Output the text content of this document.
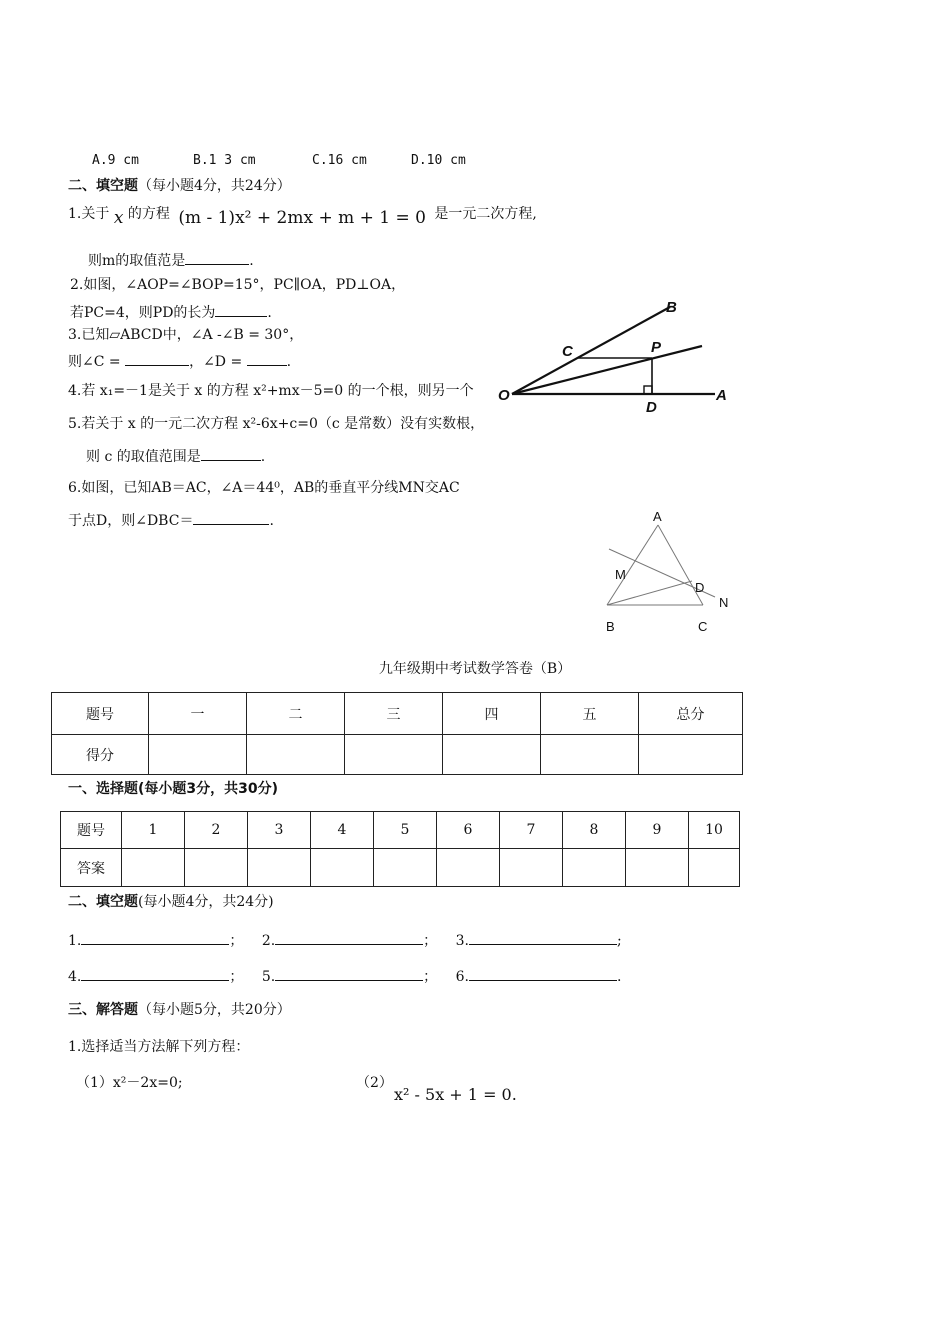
A.9 cm	B.1 3 cm	C.16 cm	D.10 cm
二、填空题（每小题4分，共24分）
1.关于 x 的方程 (m - 1)x² + 2mx + m + 1 = 0 是一元二次方程,
则m的取值范是	.
2.如图，∠AOP=∠BOP=15°，PC∥OA，PD⊥OA，
若PC=4，则PD的长为	.
3.已知▱ABCD中，∠A -∠B = 30°，
则∠C =	，∠D =	.
4.若 x₁=－1是关于 x 的方程 x²+mx－5=0 的一个根，则另一个
5.若关于 x 的一元二次方程 x²-6x+c=0（c 是常数）没有实数根，
则 c 的取值范围是	.
6.如图，已知AB＝AC，∠A＝44⁰，AB的垂直平分线MN交AC
于点D，则∠DBC＝	.
B
C	P
O
D
A
A
M
D
N
B	C
九年级期中考试数学答卷（B）
题号	一	二	三	四	五	总分
得分						
一、选择题(每小题3分，共30分)
题号	1	2	3	4	5	6	7	8	9	10
答案										
二、填空题(每小题4分，共24分)
1.	； 2.	； 3.	;
4.	； 5.	； 6.	.
三、解答题（每小题5分，共20分）
1.选择适当方法解下列方程：
（1）x²－2x=0;	（2）
x² - 5x + 1 = 0.
